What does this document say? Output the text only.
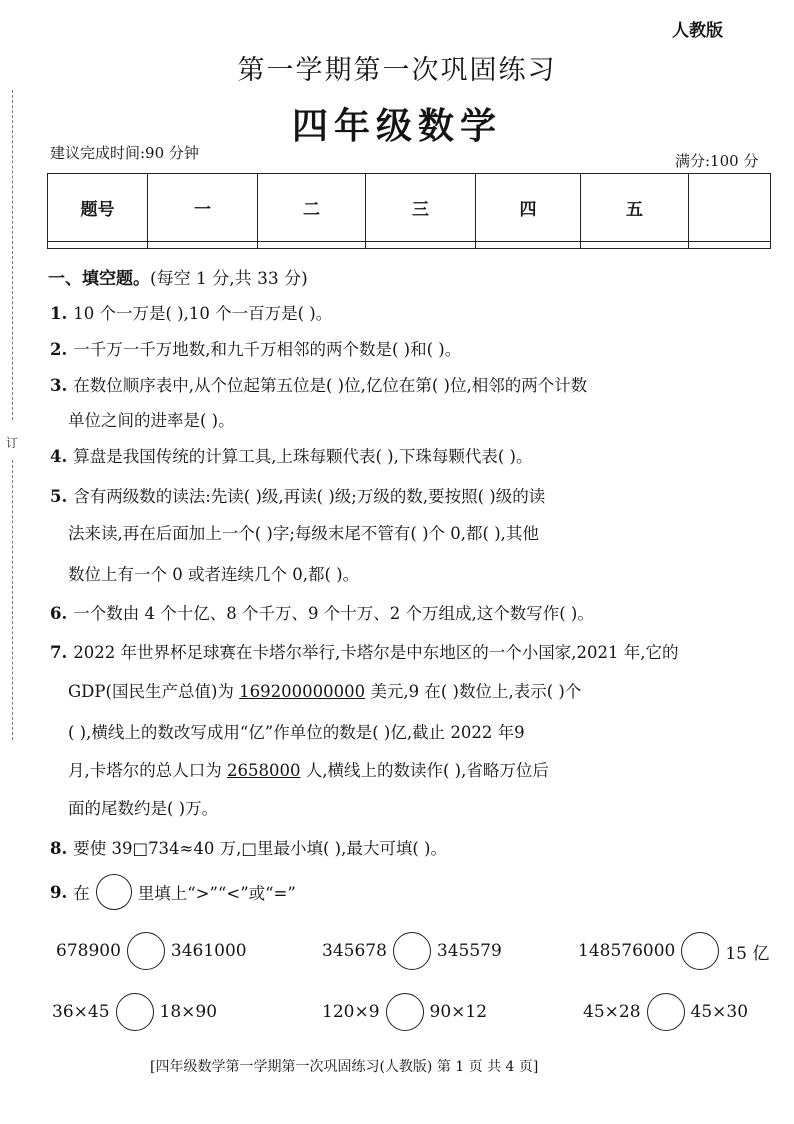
订
人教版
第一学期第一次巩固练习
四年级数学
建议完成时间:90 分钟	满分:100 分
题号	一	二	三	四	五	

一、填空题。(每空 1 分,共 33 分)
1. 10 个一万是( ),10 个一百万是( )。
2. 一千万一千万地数,和九千万相邻的两个数是( )和( )。
3. 在数位顺序表中,从个位起第五位是( )位,亿位在第( )位,相邻的两个计数
单位之间的进率是( )。
4. 算盘是我国传统的计算工具,上珠每颗代表( ),下珠每颗代表( )。
5. 含有两级数的读法:先读( )级,再读( )级;万级的数,要按照( )级的读
法来读,再在后面加上一个( )字;每级末尾不管有( )个 0,都( ),其他
数位上有一个 0 或者连续几个 0,都( )。
6. 一个数由 4 个十亿、8 个千万、9 个十万、2 个万组成,这个数写作( )。
7. 2022 年世界杯足球赛在卡塔尔举行,卡塔尔是中东地区的一个小国家,2021 年,它的
GDP(国民生产总值)为 169200000000 美元,9 在( )数位上,表示( )个
( ),横线上的数改写成用“亿”作单位的数是( )亿,截止 2022 年9
月,卡塔尔的总人口为 2658000 人,横线上的数读作( ),省略万位后
面的尾数约是( )万。
8. 要使 39□734≈40 万,□里最小填( ),最大可填( )。
9. 在	里填上“>”“<”或“=”
678900	3461000	345678	345579	148576000	15 亿
36×45	18×90	120×9	90×12	45×28	45×30
[四年级数学第一学期第一次巩固练习(人教版) 第 1 页 共 4 页]
